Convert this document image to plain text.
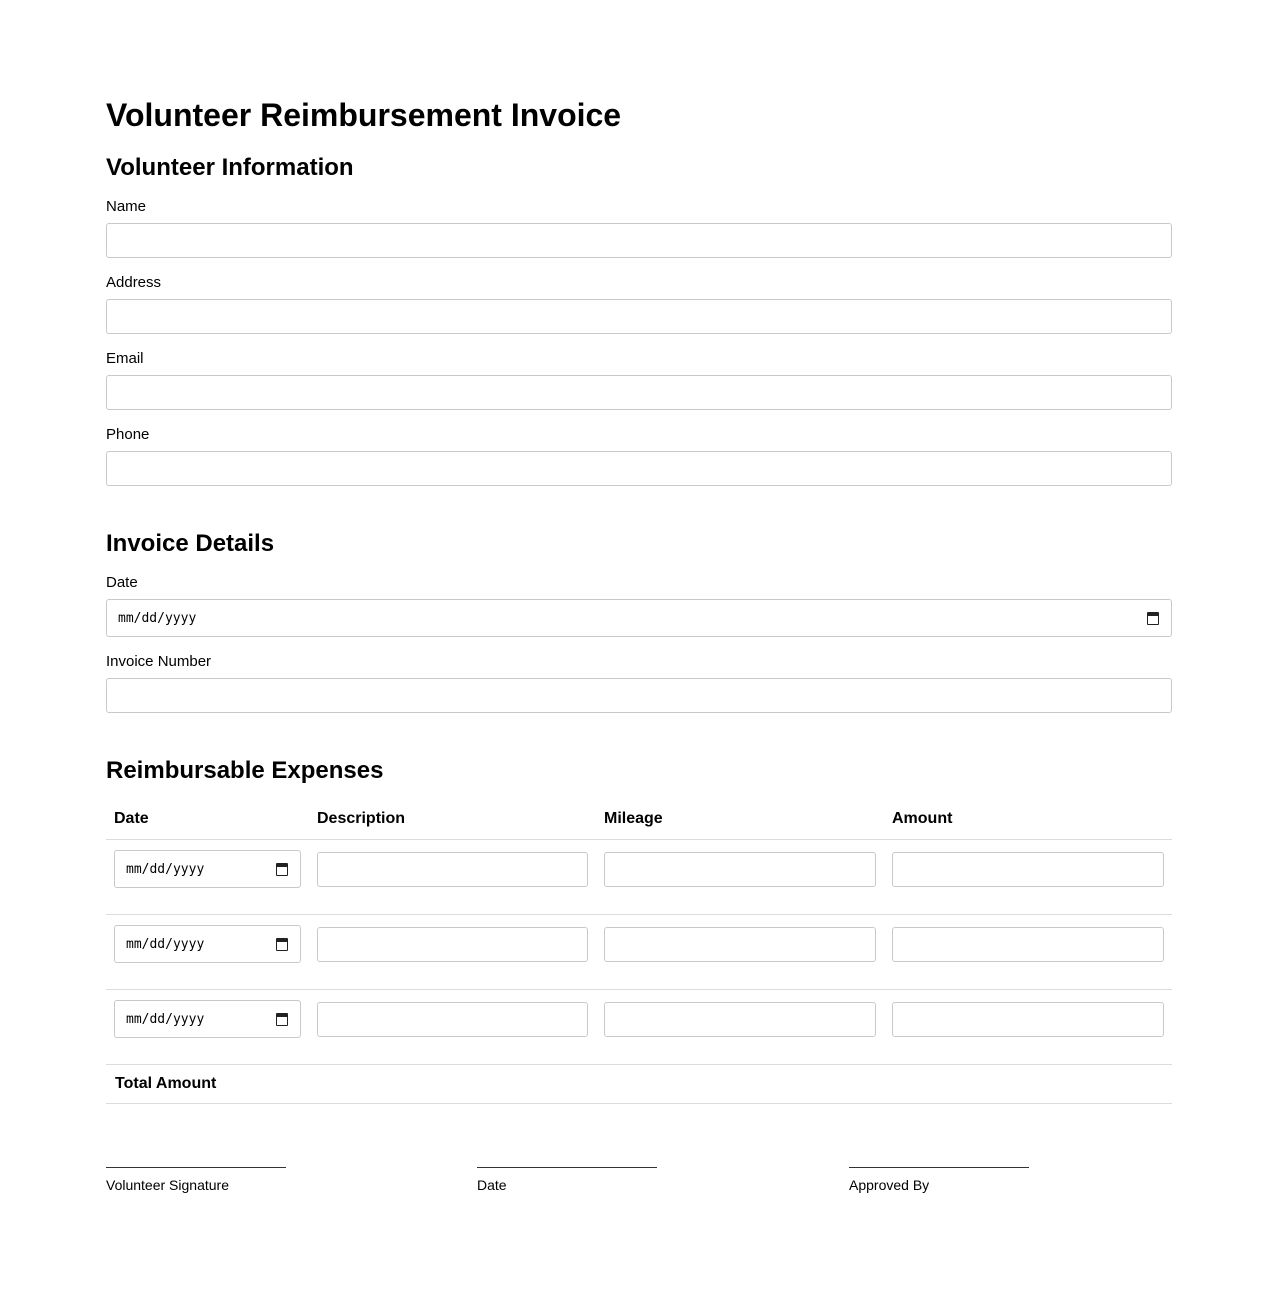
Volunteer Reimbursement Invoice
Volunteer Information
Name
Address
Email
Phone
Invoice Details
Date
mm/dd/yyyy
Invoice Number
Reimbursable Expenses
Date	Description	Mileage	Amount
mm/dd/yyyy
mm/dd/yyyy
mm/dd/yyyy
Total Amount
Volunteer Signature	Date	Approved By
